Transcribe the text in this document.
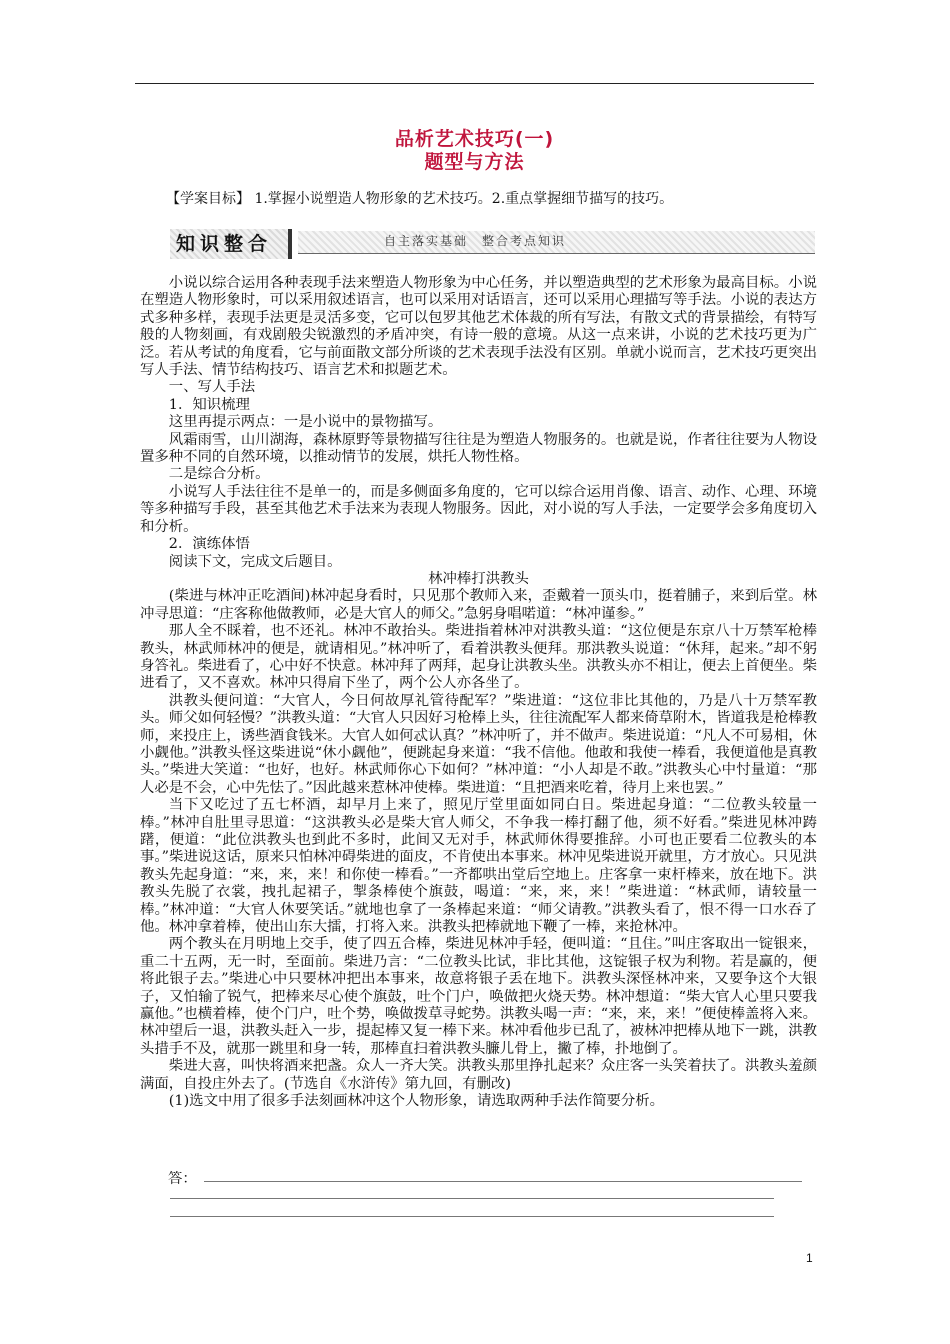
品析艺术技巧(一)
题型与方法
【学案目标】 1.掌握小说塑造人物形象的艺术技巧。2.重点掌握细节描写的技巧。
知识整合	自主落实基础　整合考点知识

小说以综合运用各种表现手法来塑造人物形象为中心任务，并以塑造典型的艺术形象为最高目标。小说在塑造人物形象时，可以采用叙述语言，也可以采用对话语言，还可以采用心理描写等手法。小说的表达方式多种多样，表现手法更是灵活多变，它可以包罗其他艺术体裁的所有写法，有散文式的背景描绘，有特写般的人物刻画，有戏剧般尖锐激烈的矛盾冲突，有诗一般的意境。从这一点来讲，小说的艺术技巧更为广泛。若从考试的角度看，它与前面散文部分所谈的艺术表现手法没有区别。单就小说而言，艺术技巧更突出写人手法、情节结构技巧、语言艺术和拟题艺术。

一、写人手法

1．知识梳理

这里再提示两点：一是小说中的景物描写。

风霜雨雪，山川湖海，森林原野等景物描写往往是为塑造人物服务的。也就是说，作者往往要为人物设置多种不同的自然环境，以推动情节的发展，烘托人物性格。

二是综合分析。

小说写人手法往往不是单一的，而是多侧面多角度的，它可以综合运用肖像、语言、动作、心理、环境等多种描写手段，甚至其他艺术手法来为表现人物服务。因此，对小说的写人手法，一定要学会多角度切入和分析。

2．演练体悟

阅读下文，完成文后题目。

林冲棒打洪教头

(柴进与林冲正吃酒间)林冲起身看时，只见那个教师入来，歪戴着一顶头巾，挺着脯子，来到后堂。林冲寻思道：“庄客称他做教师，必是大官人的师父。”急躬身唱喏道：“林冲谨参。”

那人全不睬着，也不还礼。林冲不敢抬头。柴进指着林冲对洪教头道：“这位便是东京八十万禁军枪棒教头，林武师林冲的便是，就请相见。”林冲听了，看着洪教头便拜。那洪教头说道：“休拜，起来。”却不躬身答礼。柴进看了，心中好不快意。林冲拜了两拜，起身让洪教头坐。洪教头亦不相让，便去上首便坐。柴进看了，又不喜欢。林冲只得肩下坐了，两个公人亦各坐了。

洪教头便问道：“大官人，今日何故厚礼管待配军？”柴进道：“这位非比其他的，乃是八十万禁军教头。师父如何轻慢？”洪教头道：“大官人只因好习枪棒上头，往往流配军人都来倚草附木，皆道我是枪棒教师，来投庄上，诱些酒食钱米。大官人如何忒认真？”林冲听了，并不做声。柴进说道：“凡人不可易相，休小觑他。”洪教头怪这柴进说“休小觑他”，便跳起身来道：“我不信他。他敢和我使一棒看，我便道他是真教头。”柴进大笑道：“也好，也好。林武师你心下如何？”林冲道：“小人却是不敢。”洪教头心中忖量道：“那人必是不会，心中先怯了。”因此越来惹林冲使棒。柴进道：“且把酒来吃着，待月上来也罢。”

当下又吃过了五七杯酒，却早月上来了，照见厅堂里面如同白日。柴进起身道：“二位教头较量一棒。”林冲自肚里寻思道：“这洪教头必是柴大官人师父，不争我一棒打翻了他，须不好看。”柴进见林冲踌躇，便道：“此位洪教头也到此不多时，此间又无对手，林武师休得要推辞。小可也正要看二位教头的本事。”柴进说这话，原来只怕林冲碍柴进的面皮，不肯使出本事来。林冲见柴进说开就里，方才放心。只见洪教头先起身道：“来，来，来！和你使一棒看。”一齐都哄出堂后空地上。庄客拿一束杆棒来，放在地下。洪教头先脱了衣裳，拽扎起裙子，掣条棒使个旗鼓，喝道：“来，来，来！”柴进道：“林武师，请较量一棒。”林冲道：“大官人休要笑话。”就地也拿了一条棒起来道：“师父请教。”洪教头看了，恨不得一口水吞了他。林冲拿着棒，使出山东大擂，打将入来。洪教头把棒就地下鞭了一棒，来抢林冲。

两个教头在月明地上交手，使了四五合棒，柴进见林冲手轻，便叫道：“且住。”叫庄客取出一锭银来，重二十五两，无一时，至面前。柴进乃言：“二位教头比试，非比其他，这锭银子权为利物。若是赢的，便将此银子去。”柴进心中只要林冲把出本事来，故意将银子丢在地下。洪教头深怪林冲来，又要争这个大银子，又怕输了锐气，把棒来尽心使个旗鼓，吐个门户，唤做把火烧天势。林冲想道：“柴大官人心里只要我赢他。”也横着棒，使个门户，吐个势，唤做拨草寻蛇势。洪教头喝一声：“来，来，来！”便使棒盖将入来。林冲望后一退，洪教头赶入一步，提起棒又复一棒下来。林冲看他步已乱了，被林冲把棒从地下一跳，洪教头措手不及，就那一跳里和身一转，那棒直扫着洪教头臁儿骨上，撇了棒，扑地倒了。

柴进大喜，叫快将酒来把盏。众人一齐大笑。洪教头那里挣扎起来？众庄客一头笑着扶了。洪教头羞颜满面，自投庄外去了。(节选自《水浒传》第九回，有删改)

(1)选文中用了很多手法刻画林冲这个人物形象，请选取两种手法作简要分析。

答：
1
